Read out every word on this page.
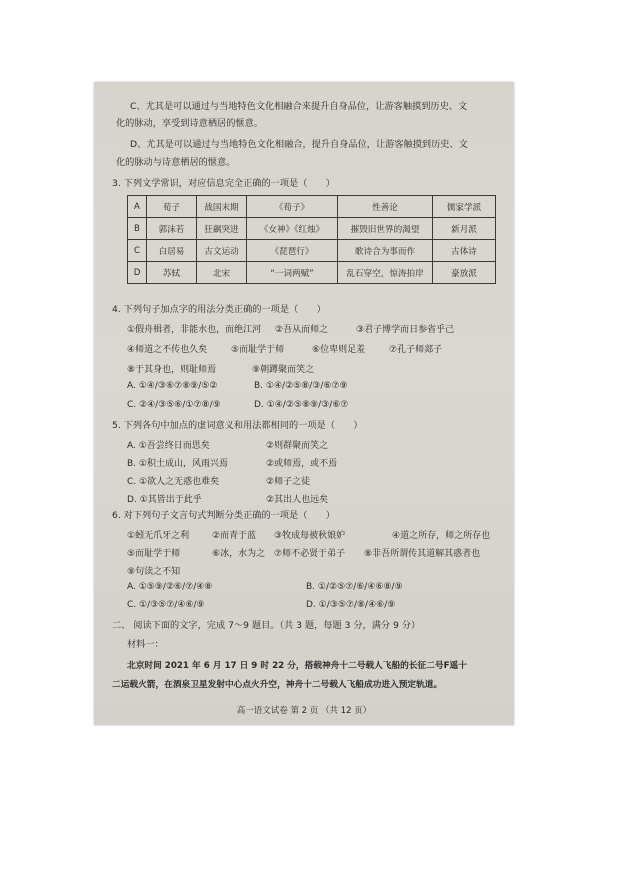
C、尤其是可以通过与当地特色文化相融合来提升自身品位，让游客触摸到历史、文
化的脉动，享受到诗意栖居的惬意。
D、尤其是可以通过与当地特色文化相融合，提升自身品位，让游客触摸到历史、文
化的脉动与诗意栖居的惬意。
3. 下列文学常识，对应信息完全正确的一项是（　　）
A	荀子	战国末期	《荀子》	性善论	儒家学派
B	郭沫若	狂飙突进	《女神》《红烛》	摧毁旧世界的渴望	新月派
C	白居易	古文运动	《琵琶行》	歌诗合为事而作	古体诗
D	苏轼	北宋	“一词两赋”	乱石穿空，惊涛拍岸	豪放派
4. 下列句子加点字的用法分类正确的一项是（　　）
①假舟楫者，非能水也，而绝江河 ②吾从而师之	③君子博学而日参省乎己
④师道之不传也久矣	⑤而耻学于师	⑥位卑则足羞	⑦孔子师郯子
⑧于其身也，则耻师焉	⑨朝蹲聚而笑之
A. ①④/③⑥⑦⑧⑨/⑤②	B. ①④/②⑤⑧/③/⑥⑦⑨
C. ②④/③⑤⑥/①⑦⑧/⑨	D. ①④/②⑤⑧⑨/③/⑥⑦
5. 下列各句中加点的虚词意义和用法都相同的一项是（　　）
A. ①吾尝终日而思矣	②则群聚而笑之
B. ①积土成山，风雨兴焉	②或师焉，或不焉
C. ①欲人之无惑也难矣	②师子之徒
D. ①其皆出于此乎	②其出人也远矣
6. 对下列句子文言句式判断分类正确的一项是（　　）
①蚓无爪牙之利	②而青于蓝 ③牧成每被秋娘妒	④道之所存，师之所存也
⑤而耻学于师	⑥冰，水为之 ⑦师不必贤于弟子 ⑧非吾所谓传其道解其惑者也
⑨句读之不知
A. ①⑤⑨/②⑥/⑦/④⑧	B. ①/②⑤⑦/⑥/④⑥⑧/⑨
C. ①/③⑤⑦/④⑥/⑨	D. ①/③⑤⑦/⑧/④⑥/⑨
二、 阅读下面的文字，完成 7～9 题目。（共 3 题，每题 3 分，满分 9 分）
材料一：
北京时间 2021 年 6 月 17 日 9 时 22 分，搭载神舟十二号载人飞船的长征二号F遥十
二运载火箭，在酒泉卫星发射中心点火升空，神舟十二号载人飞船成功进入预定轨道。
高一语文试卷 第 2 页 （共 12 页）
